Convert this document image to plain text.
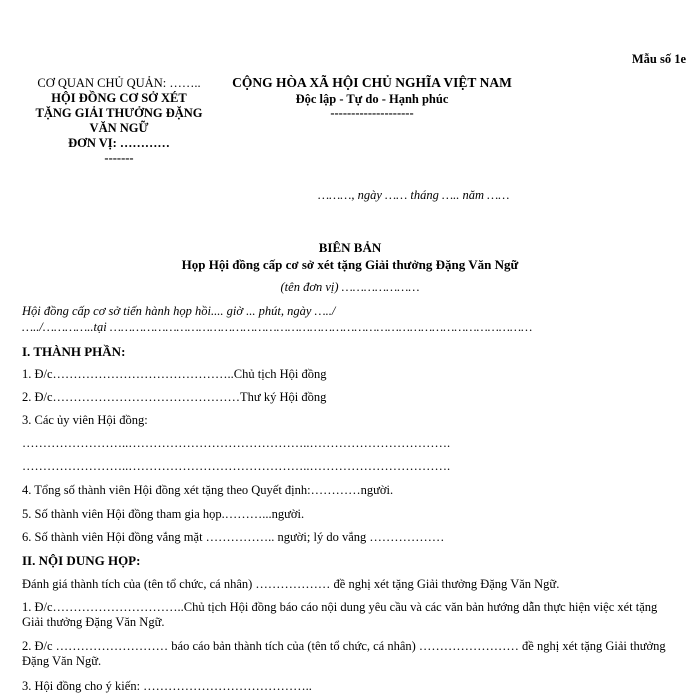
Mẫu số 1e
CƠ QUAN CHỦ QUẢN: ……..
HỘI ĐỒNG CƠ SỞ XÉT
TẶNG GIẢI THƯỞNG ĐẶNG
VĂN NGỮ
ĐƠN VỊ: …………
-------
CỘNG HÒA XÃ HỘI CHỦ NGHĨA VIỆT NAM
Độc lập - Tự do - Hạnh phúc
--------------------
………, ngày …… tháng ….. năm ……
BIÊN BẢN
Họp Hội đồng cấp cơ sở xét tặng Giải thưởng Đặng Văn Ngữ
(tên đơn vị) …………………
Hội đồng cấp cơ sở tiến hành họp hồi.... giờ ... phút, ngày …../
…../…………..tại ……………………………………………………………………………………………………
I. THÀNH PHẦN:
1. Đ/c……………………………………..Chủ tịch Hội đồng
2. Đ/c………………………………………Thư ký Hội đồng
3. Các ủy viên Hội đồng:
……………………..……………………………………..…………………………….
……………………..……………………………………..…………………………….
4. Tổng số thành viên Hội đồng xét tặng theo Quyết định:…………người.
5. Số thành viên Hội đồng tham gia họp.………...người.
6. Số thành viên Hội đồng vắng mặt …………….. người; lý do vắng ………………
II. NỘI DUNG HỌP:
Đánh giá thành tích của (tên tổ chức, cá nhân) ……………… đề nghị xét tặng Giải thưởng Đặng Văn Ngữ.
1. Đ/c…………………………..Chủ tịch Hội đồng báo cáo nội dung yêu cầu và các văn bản hướng dẫn thực hiện việc xét tặng Giải thưởng Đặng Văn Ngữ.
2. Đ/c ……………………… báo cáo bản thành tích của (tên tổ chức, cá nhân) …………………… đề nghị xét tặng Giải thưởng Đặng Văn Ngữ.
3. Hội đồng cho ý kiến: …………………………………..
